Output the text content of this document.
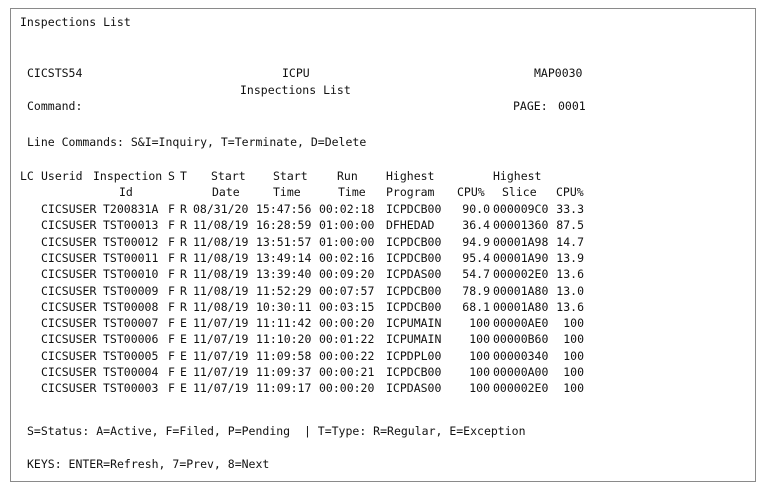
Inspections List
CICSTS54	ICPU	MAP0030
Inspections List
Command:	PAGE: 0001
Line Commands: S&I=Inquiry, T=Terminate, D=Delete
LC Userid Inspection S T Start Start	Run Highest	Highest
Id	Date	Time	Time Program CPU% Slice CPU%
CICSUSER T200831A F R 08/31/20 15:47:56 00:02:18	ICPDCB00	90.0 000009C0 33.3
CICSUSER TST00013 F R 11/08/19 16:28:59 01:00:00	DFHEDAD	36.4 00001360 87.5
CICSUSER TST00012 F R 11/08/19 13:51:57 01:00:00	ICPDCB00	94.9 00001A98 14.7
CICSUSER TST00011 F R 11/08/19 13:49:14 00:02:16	ICPDCB00	95.4 00001A90 13.9
CICSUSER TST00010 F R 11/08/19 13:39:40 00:09:20	ICPDAS00	54.7 000002E0 13.6
CICSUSER TST00009 F R 11/08/19 11:52:29 00:07:57	ICPDCB00	78.9 00001A80 13.0
CICSUSER TST00008 F R 11/08/19 10:30:11 00:03:15	ICPDCB00	68.1 00001A80 13.6
CICSUSER TST00007 F E 11/07/19 11:11:42 00:00:20	ICPUMAIN	100 00000AE0	100
CICSUSER TST00006 F E 11/07/19 11:10:20 00:01:22	ICPUMAIN	100 00000B60	100
CICSUSER TST00005 F E 11/07/19 11:09:58 00:00:22	ICPDPL00	100 00000340	100
CICSUSER TST00004 F E 11/07/19 11:09:37 00:00:21	ICPDCB00	100 00000A00	100
CICSUSER TST00003 F E 11/07/19 11:09:17 00:00:20	ICPDAS00	100 000002E0	100
S=Status: A=Active, F=Filed, P=Pending  | T=Type: R=Regular, E=Exception
KEYS: ENTER=Refresh, 7=Prev, 8=Next
